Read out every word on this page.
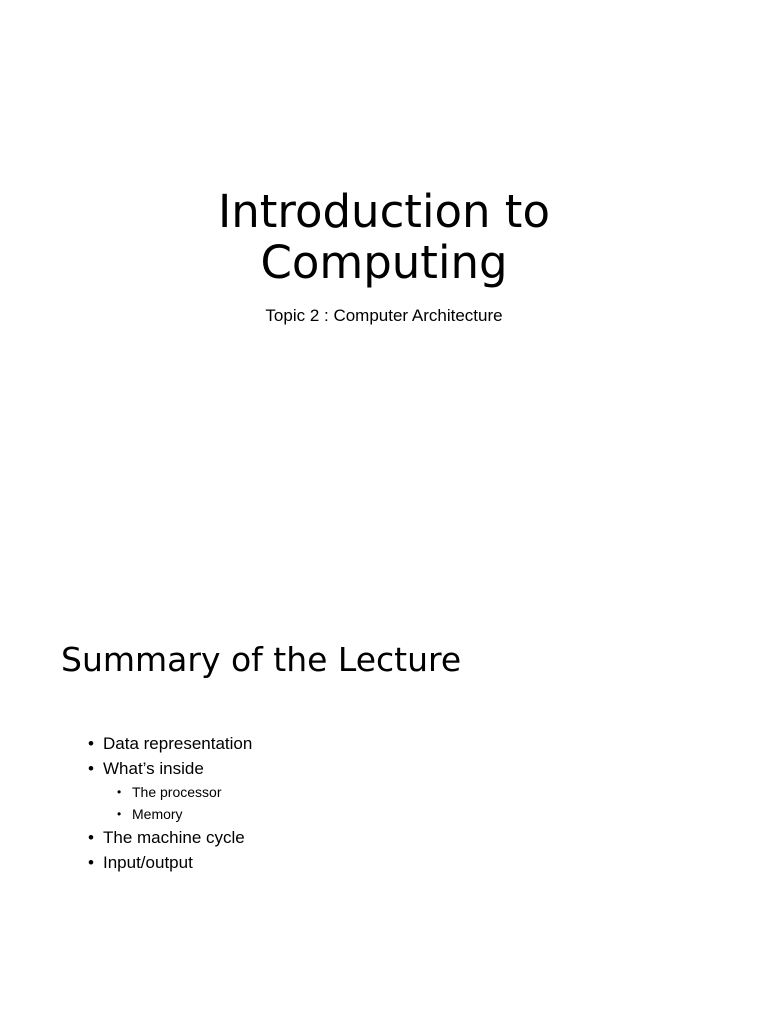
Introduction to
Computing

Topic 2 : Computer Architecture

Summary of the Lecture
• Data representation
• What’s inside
• The processor
• Memory
• The machine cycle
• Input/output
